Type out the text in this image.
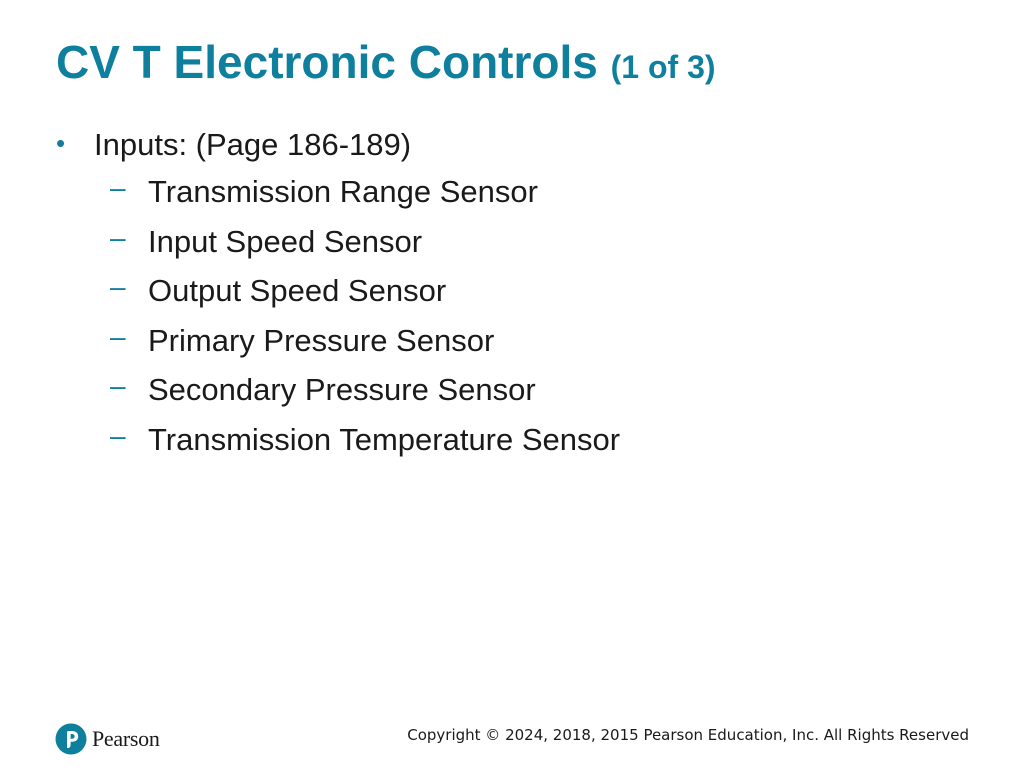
CV T Electronic Controls (1 of 3)
• Inputs: (Page 186-189)
– Transmission Range Sensor
– Input Speed Sensor
– Output Speed Sensor
– Primary Pressure Sensor
– Secondary Pressure Sensor
– Transmission Temperature Sensor
Pearson	Copyright © 2024, 2018, 2015 Pearson Education, Inc. All Rights Reserved
